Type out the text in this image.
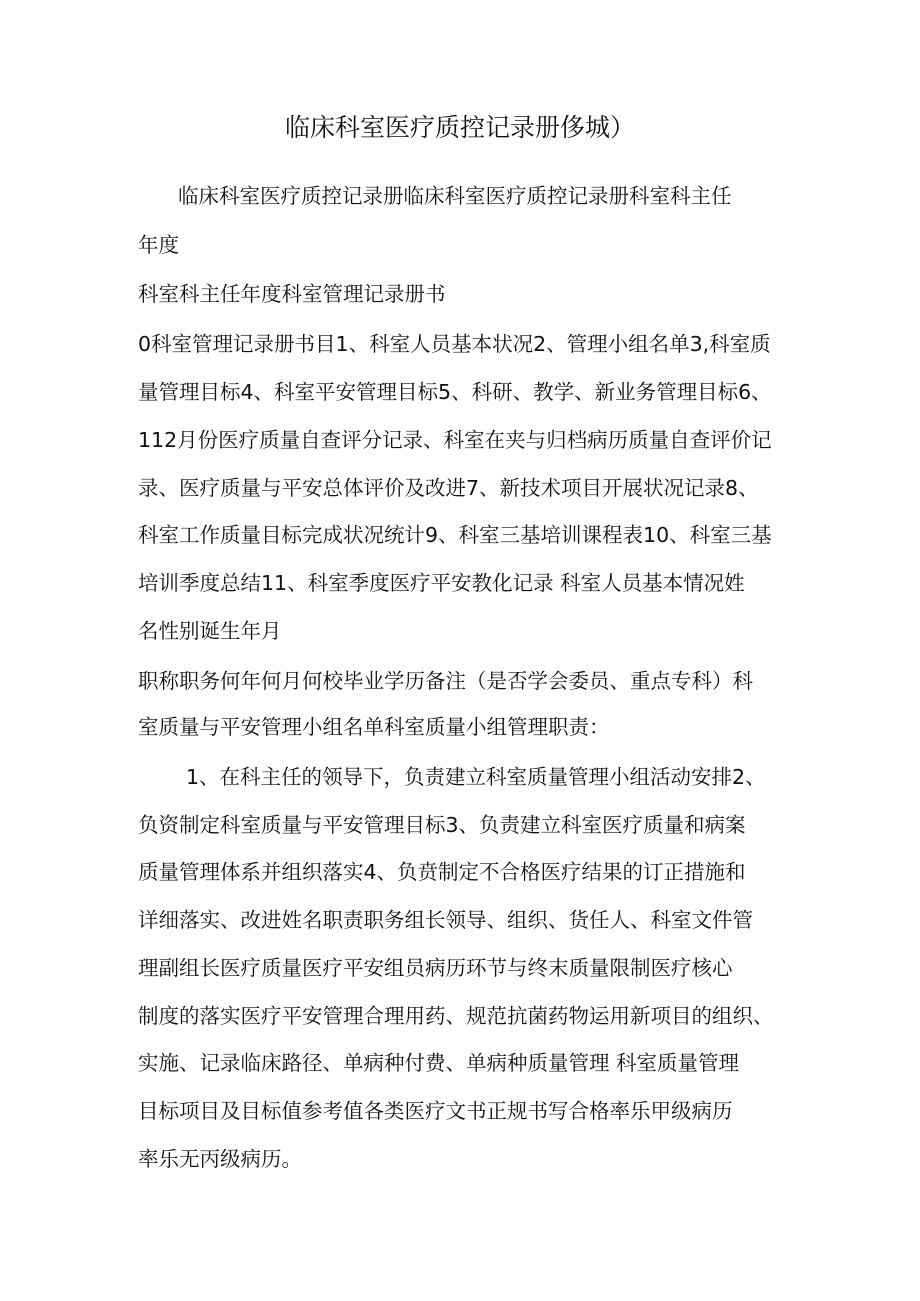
临床科室医疗质控记录册侈城）
临床科室医疗质控记录册临床科室医疗质控记录册科室科主任
年度
科室科主任年度科室管理记录册书
0科室管理记录册书目1、科室人员基本状况2、管理小组名单3,科室质
量管理目标4、科室平安管理目标5、科研、教学、新业务管理目标6、
112月份医疗质量自查评分记录、科室在夹与归档病历质量自查评价记
录、医疗质量与平安总体评价及改进7、新技术项目开展状况记录8、
科室工作质量目标完成状况统计9、科室三基培训课程表10、科室三基
培训季度总结11、科室季度医疗平安教化记录 科室人员基本情况姓
名性别诞生年月
职称职务何年何月何校毕业学历备注（是否学会委员、重点专科）科
室质量与平安管理小组名单科室质量小组管理职责：
1、在科主任的领导下，负责建立科室质量管理小组活动安排2、
负资制定科室质量与平安管理目标3、负责建立科室医疗质量和病案
质量管理体系并组织落实4、负贲制定不合格医疗结果的订正措施和
详细落实、改进姓名职责职务组长领导、组织、货任人、科室文件管
理副组长医疗质量医疗平安组员病历环节与终末质量限制医疗核心
制度的落实医疗平安管理合理用药、规范抗菌药物运用新项目的组织、
实施、记录临床路径、单病种付费、单病种质量管理 科室质量管理
目标项目及目标值参考值各类医疗文书正规书写合格率乐甲级病历
率乐无丙级病历。
